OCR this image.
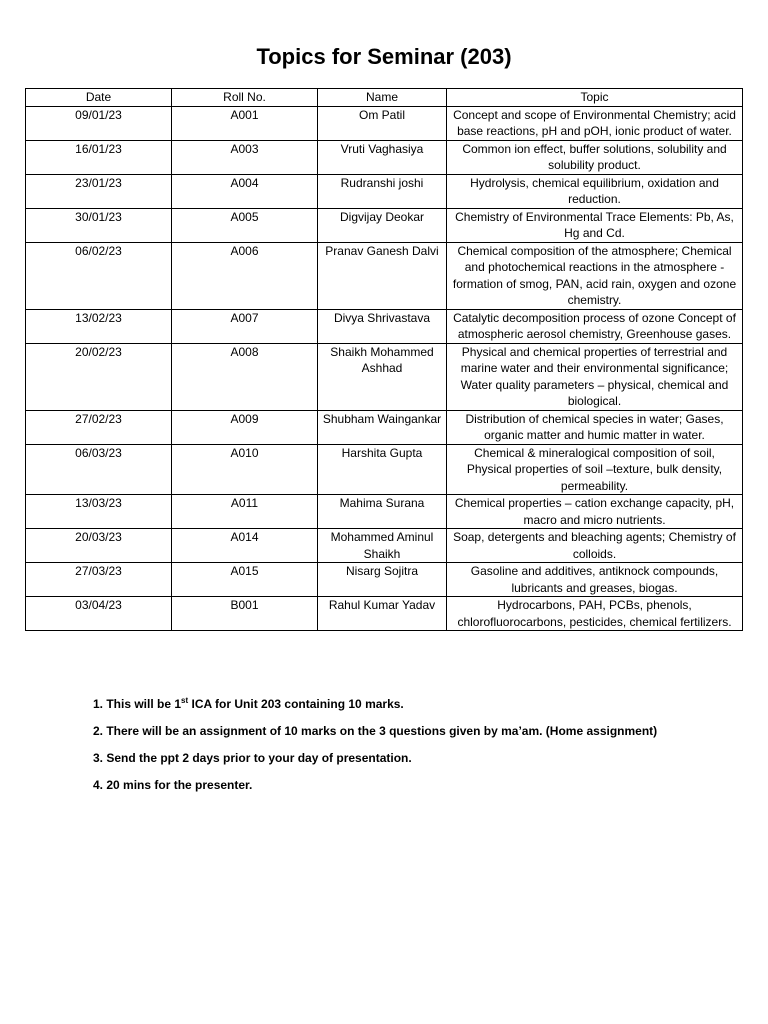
Topics for Seminar (203)
Date	Roll No.	Name	Topic
09/01/23	A001	Om Patil	Concept and scope of Environmental Chemistry; acid base reactions, pH and pOH, ionic product of water.
16/01/23	A003	Vruti Vaghasiya	Common ion effect, buffer solutions, solubility and solubility product.
23/01/23	A004	Rudranshi joshi	Hydrolysis, chemical equilibrium, oxidation and reduction.
30/01/23	A005	Digvijay Deokar	Chemistry of Environmental Trace Elements: Pb, As, Hg and Cd.
06/02/23	A006	Pranav Ganesh Dalvi	Chemical composition of the atmosphere; Chemical and photochemical reactions in the atmosphere - formation of smog, PAN, acid rain, oxygen and ozone chemistry.
13/02/23	A007	Divya Shrivastava	Catalytic decomposition process of ozone Concept of atmospheric aerosol chemistry, Greenhouse gases.
20/02/23	A008	Shaikh Mohammed Ashhad	Physical and chemical properties of terrestrial and marine water and their environmental significance; Water quality parameters – physical, chemical and biological.
27/02/23	A009	Shubham Waingankar	Distribution of chemical species in water; Gases, organic matter and humic matter in water.
06/03/23	A010	Harshita Gupta	Chemical & mineralogical composition of soil, Physical properties of soil –texture, bulk density, permeability.
13/03/23	A011	Mahima Surana	Chemical properties – cation exchange capacity, pH, macro and micro nutrients.
20/03/23	A014	Mohammed Aminul Shaikh	Soap, detergents and bleaching agents; Chemistry of colloids.
27/03/23	A015	Nisarg Sojitra	Gasoline and additives, antiknock compounds, lubricants and greases, biogas.
03/04/23	B001	Rahul Kumar Yadav	Hydrocarbons, PAH, PCBs, phenols, chlorofluorocarbons, pesticides, chemical fertilizers.

1. This will be 1st ICA for Unit 203 containing 10 marks.

2. There will be an assignment of 10 marks on the 3 questions given by ma’am. (Home assignment)

3. Send the ppt 2 days prior to your day of presentation.

4. 20 mins for the presenter.
